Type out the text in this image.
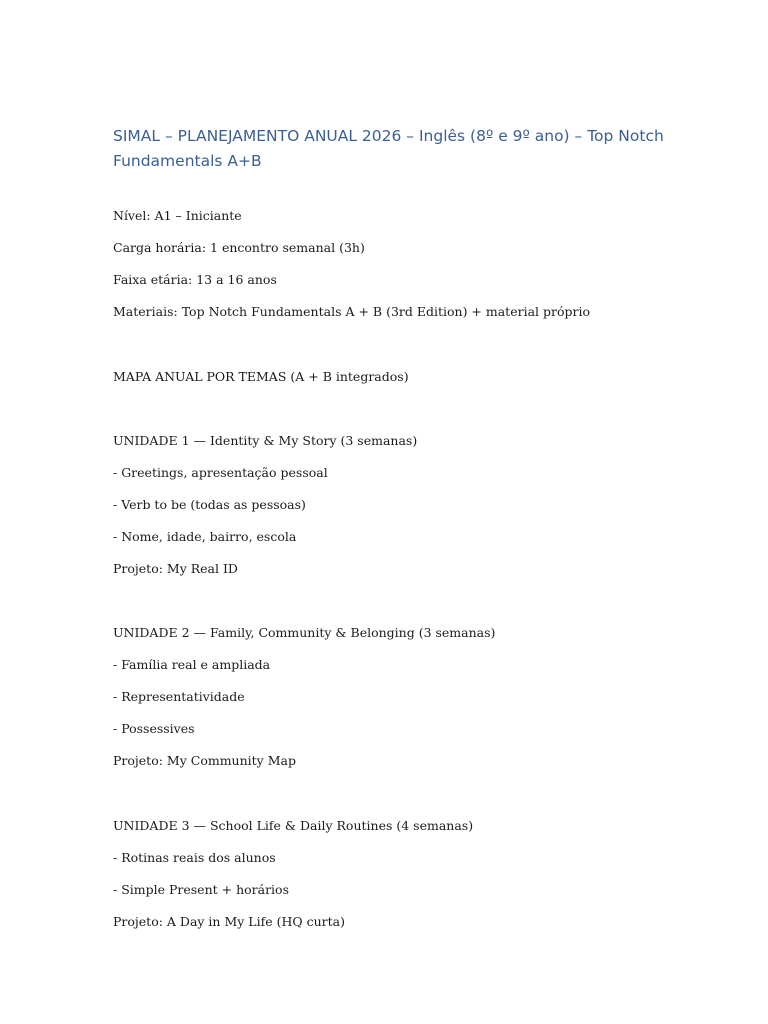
SIMAL – PLANEJAMENTO ANUAL 2026 – Inglês (8º e 9º ano) – Top Notch Fundamentals A+B

Nível: A1 – Iniciante

Carga horária: 1 encontro semanal (3h)

Faixa etária: 13 a 16 anos

Materiais: Top Notch Fundamentals A + B (3rd Edition) + material próprio

MAPA ANUAL POR TEMAS (A + B integrados)

UNIDADE 1 — Identity & My Story (3 semanas)

- Greetings, apresentação pessoal

- Verb to be (todas as pessoas)

- Nome, idade, bairro, escola

Projeto: My Real ID

UNIDADE 2 — Family, Community & Belonging (3 semanas)

- Família real e ampliada

- Representatividade

- Possessives

Projeto: My Community Map

UNIDADE 3 — School Life & Daily Routines (4 semanas)

- Rotinas reais dos alunos

- Simple Present + horários

Projeto: A Day in My Life (HQ curta)
